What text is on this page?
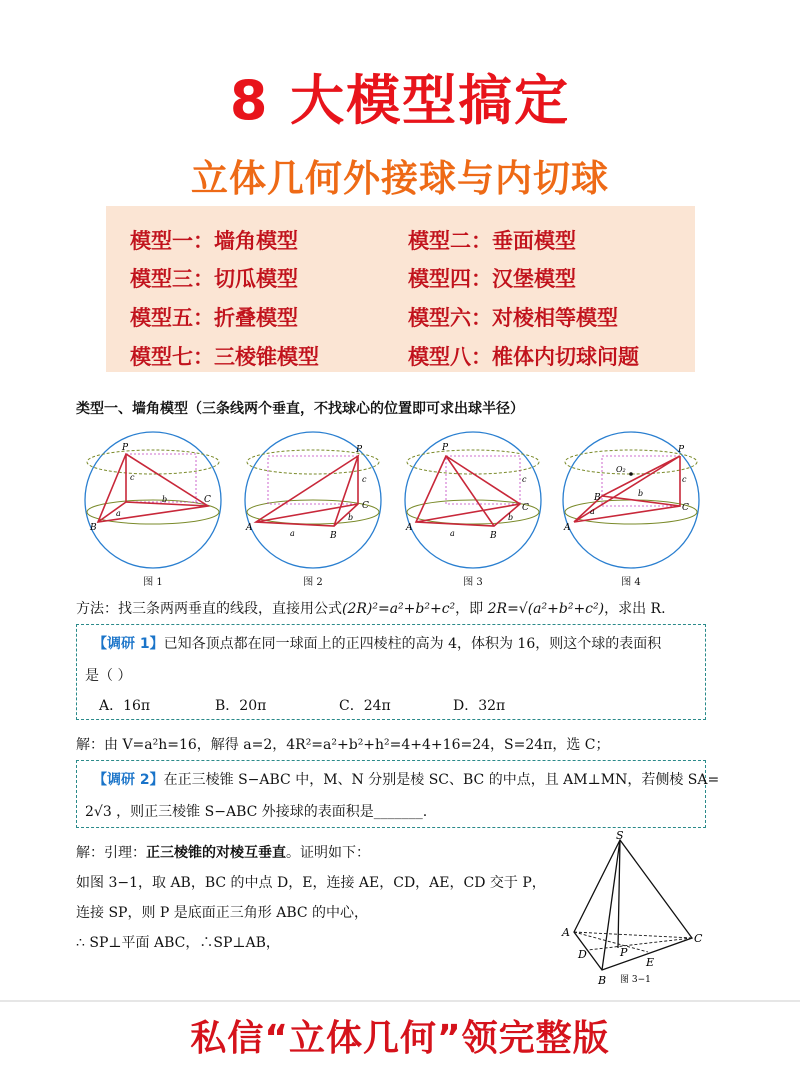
8 大模型搞定
立体几何外接球与内切球
模型一：墙角模型	模型二：垂面模型
模型三：切瓜模型	模型四：汉堡模型
模型五：折叠模型	模型六：对棱相等模型
模型七：三棱锥模型	模型八：椎体内切球问题
类型一、墙角模型（三条线两个垂直，不找球心的位置即可求出球半径）
P
B
C
c
b
a
图 1
P
A
B
C
c
b
a
图 2
P
A
B
C
c
b
a
图 3
O₂
P
A
B
C
c
b
a
图 4
方法：找三条两两垂直的线段，直接用公式(2R)²=a²+b²+c²，即 2R=√(a²+b²+c²)，求出 R.
【调研 1】已知各顶点都在同一球面上的正四棱柱的高为 4，体积为 16，则这个球的表面积
是（ ）
A．16π	B．20π	C．24π	D．32π
解：由 V=a²h=16，解得 a=2，4R²=a²+b²+h²=4+4+16=24，S=24π，选 C；
【调研 2】在正三棱锥 S−ABC 中，M、N 分别是棱 SC、BC 的中点，且 AM⊥MN，若侧棱 SA=
2√3 ，则正三棱锥 S−ABC 外接球的表面积是_______.
解：引理：正三棱锥的对棱互垂直。证明如下：
如图 3−1，取 AB，BC 的中点 D，E，连接 AE，CD，AE，CD 交于 P，
连接 SP，则 P 是底面正三角形 ABC 的中心，
∴ SP⊥平面 ABC，∴SP⊥AB，
S
A
B
C
D
E
P
图 3−1
私信“立体几何”领完整版
